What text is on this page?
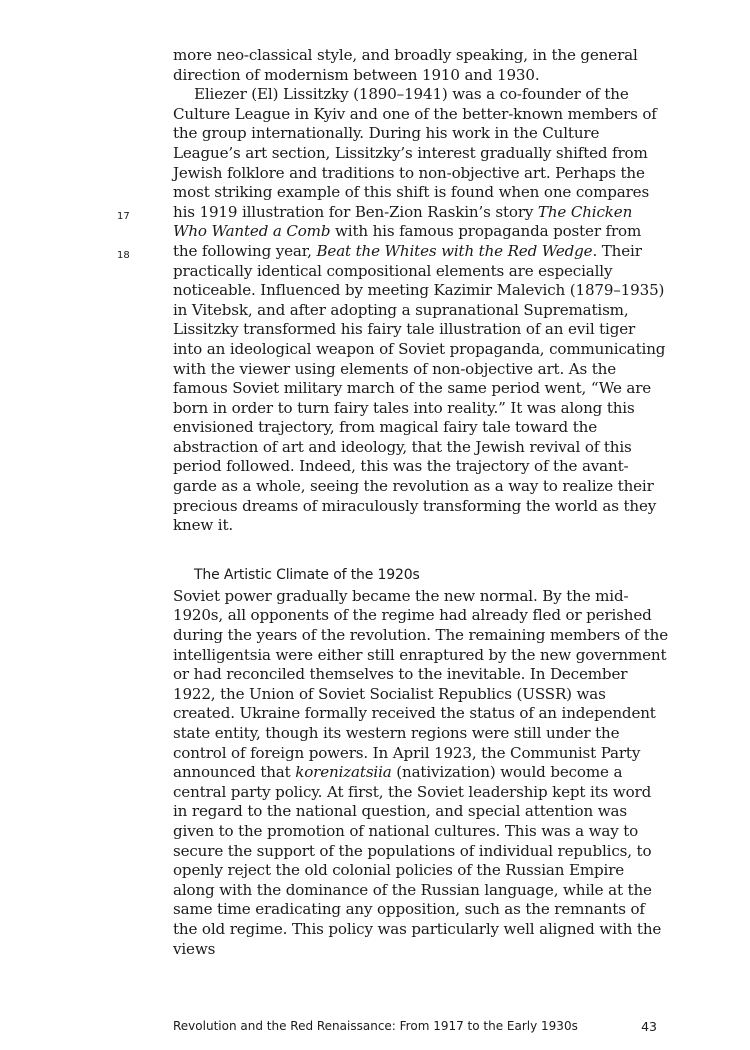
17
18

more neo-classical style, and broadly speaking, in the general direction of modernism between 1910 and 1930.

Eliezer (El) Lissitzky (1890–1941) was a co-founder of the Culture League in Kyiv and one of the better-known members of the group internationally. During his work in the Culture League’s art section, Lissitzky’s interest gradually shifted from Jewish folklore and traditions to non-objective art. Perhaps the most striking example of this shift is found when one compares his 1919 illustration for Ben-Zion Raskin’s story The Chicken Who Wanted a Comb with his famous propaganda poster from the following year, Beat the Whites with the Red Wedge. Their practically identical compositional elements are especially noticeable. Influenced by meeting Kazimir Malevich (1879–1935) in Vitebsk, and after adopting a supranational Suprematism, Lissitzky transformed his fairy tale illustration of an evil tiger into an ideological weapon of Soviet propaganda, communicating with the viewer using elements of non-objective art. As the famous Soviet military march of the same period went, “We are born in order to turn fairy tales into reality.” It was along this envisioned trajectory, from magical fairy tale toward the abstraction of art and ideology, that the Jewish revival of this period followed. Indeed, this was the trajectory of the avant-garde as a whole, seeing the revolution as a way to realize their precious dreams of miraculously transforming the world as they knew it.

The Artistic Climate of the 1920s

Soviet power gradually became the new normal. By the mid-1920s, all opponents of the regime had already fled or perished during the years of the revolution. The remaining members of the intelligentsia were either still enraptured by the new government or had reconciled themselves to the inevitable. In December 1922, the Union of Soviet Socialist Republics (USSR) was created. Ukraine formally received the status of an independent state entity, though its western regions were still under the control of foreign powers. In April 1923, the Communist Party announced that korenizatsiia (nativization) would become a central party policy. At first, the Soviet leadership kept its word in regard to the national question, and special attention was given to the promotion of national cultures. This was a way to secure the support of the populations of individual republics, to openly reject the old colonial policies of the Russian Empire along with the dominance of the Russian language, while at the same time eradicating any opposition, such as the remnants of the old regime. This policy was particularly well aligned with the views

Revolution and the Red Renaissance: From 1917 to the Early 1930s	43
